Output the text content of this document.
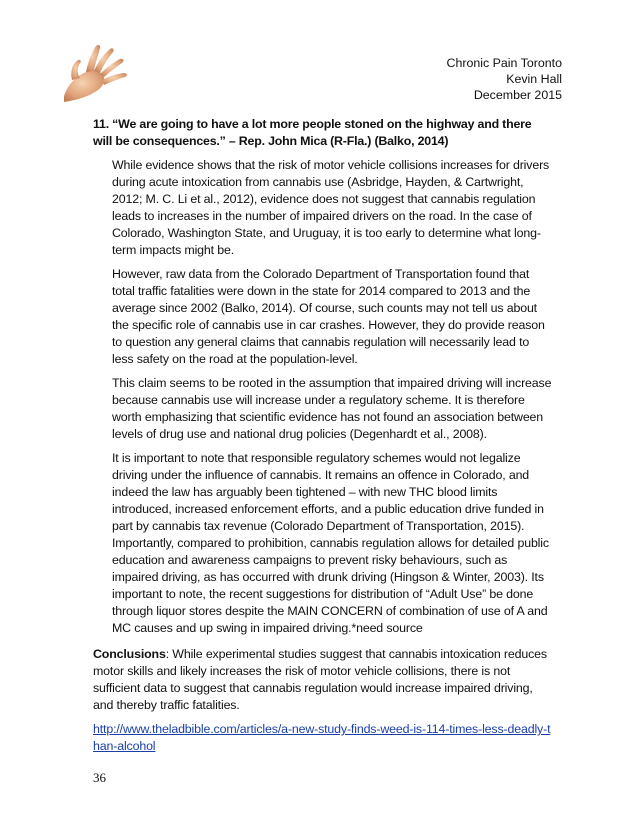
Chronic Pain Toronto
Kevin Hall
December 2015

11. “We are going to have a lot more people stoned on the highway and there will be consequences.” – Rep. John Mica (R-Fla.) (Balko, 2014)

While evidence shows that the risk of motor vehicle collisions increases for drivers during acute intoxication from cannabis use (Asbridge, Hayden, & Cartwright, 2012; M. C. Li et al., 2012), evidence does not suggest that cannabis regulation leads to increases in the number of impaired drivers on the road. In the case of Colorado, Washington State, and Uruguay, it is too early to determine what long-term impacts might be.

However, raw data from the Colorado Department of Transportation found that total traffic fatalities were down in the state for 2014 compared to 2013 and the average since 2002 (Balko, 2014). Of course, such counts may not tell us about the specific role of cannabis use in car crashes. However, they do provide reason to question any general claims that cannabis regulation will necessarily lead to less safety on the road at the population-level.

This claim seems to be rooted in the assumption that impaired driving will increase because cannabis use will increase under a regulatory scheme. It is therefore worth emphasizing that scientific evidence has not found an association between levels of drug use and national drug policies (Degenhardt et al., 2008).

It is important to note that responsible regulatory schemes would not legalize driving under the influence of cannabis. It remains an offence in Colorado, and indeed the law has arguably been tightened – with new THC blood limits introduced, increased enforcement efforts, and a public education drive funded in part by cannabis tax revenue (Colorado Department of Transportation, 2015). Importantly, compared to prohibition, cannabis regulation allows for detailed public education and awareness campaigns to prevent risky behaviours, such as impaired driving, as has occurred with drunk driving (Hingson & Winter, 2003). Its important to note, the recent suggestions for distribution of “Adult Use” be done through liquor stores despite the MAIN CONCERN of combination of use of A and MC causes and up swing in impaired driving.*need source

Conclusions: While experimental studies suggest that cannabis intoxication reduces motor skills and likely increases the risk of motor vehicle collisions, there is not sufficient data to suggest that cannabis regulation would increase impaired driving, and thereby traffic fatalities.

http://www.theladbible.com/articles/a-new-study-finds-weed-is-114-times-less-deadly-than-alcohol
36
